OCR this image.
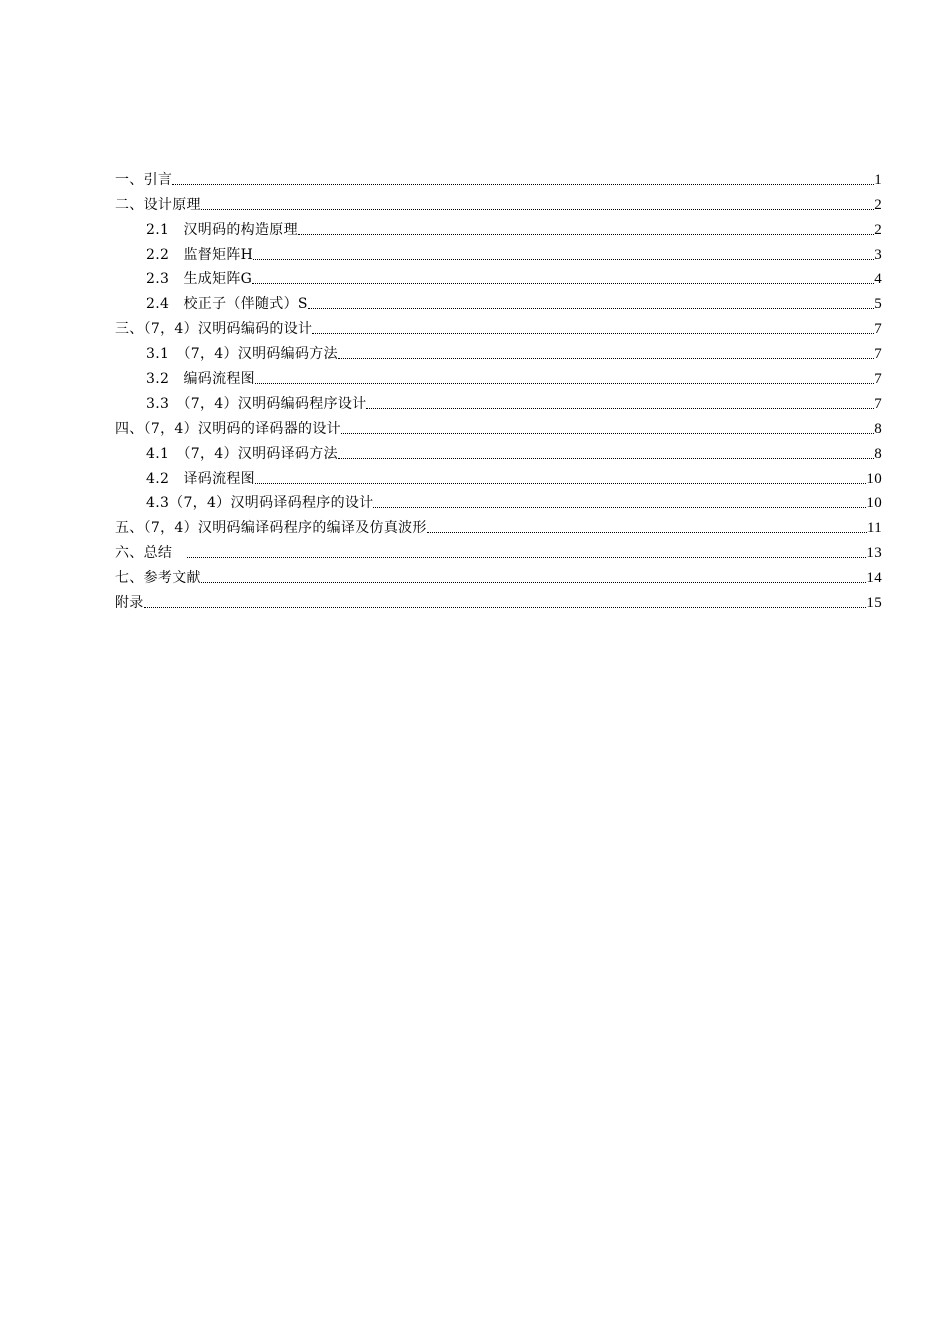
一、引言	1
二、设计原理	2
2.1　汉明码的构造原理	2
2.2　监督矩阵H	3
2.3　生成矩阵G	4
2.4　校正子（伴随式）S	5
三、（7，4）汉明码编码的设计	7
3.1　（7，4）汉明码编码方法	7
3.2　编码流程图	7
3.3　（7，4）汉明码编码程序设计	7
四、（7，4）汉明码的译码器的设计	8
4.1　（7，4）汉明码译码方法	8
4.2　译码流程图	10
4.3（7，4）汉明码译码程序的设计	10
五、（7，4）汉明码编译码程序的编译及仿真波形	11
六、总结　	13
七、参考文献	14
附录	15
